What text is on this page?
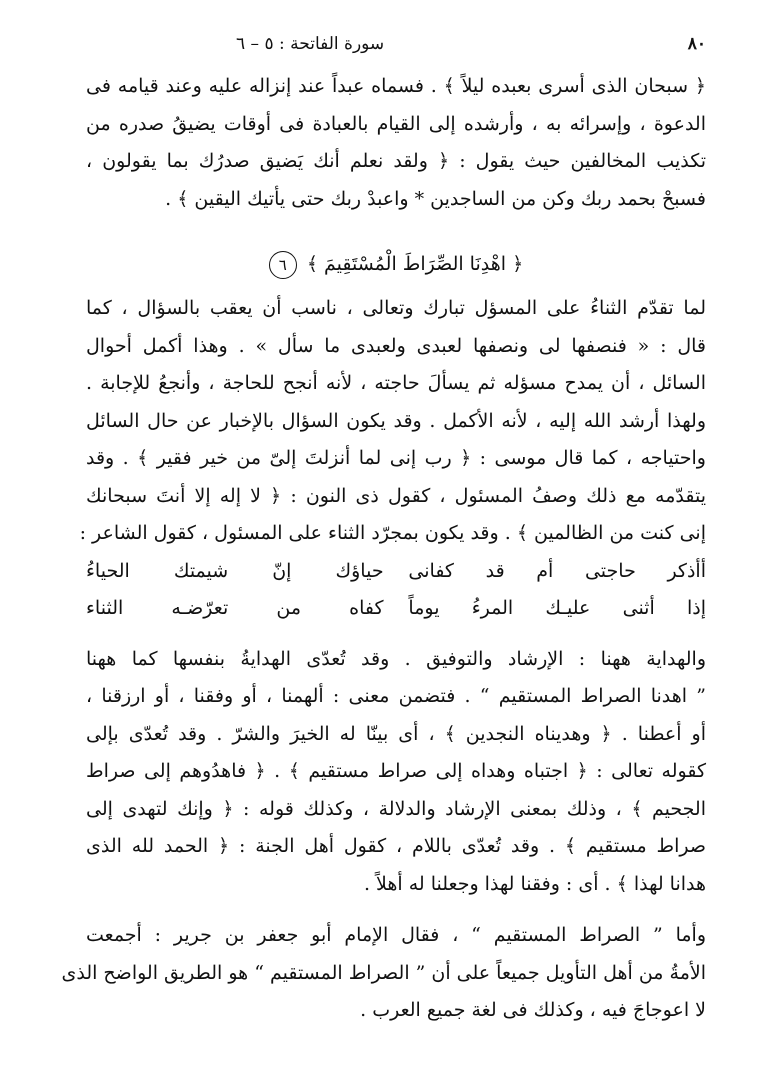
٨٠
سورة الفاتحة : ٥ – ٦
﴿ سبحان الذى أسرى بعبده ليلاً ﴾ . فسماه عبداً عند إنزاله عليه وعند قيامه فى
الدعوة ، وإسرائه به ، وأرشده إلى القيام بالعبادة فى أوقات يضيقُ صدره من
تكذيب المخالفين حيث يقول : ﴿ ولقد نعلم أنك يَضيق صدرُك بما يقولون ،
فسبحْ بحمد ربك وكن من الساجدين * واعبدْ ربك حتى يأتيك اليقين ﴾ .
﴿ اهْدِنَا الصِّرَاطَ الْمُسْتَقِيمَ ﴾ ٦
لما تقدّم الثناءُ على المسؤل تبارك وتعالى ، ناسب أن يعقب بالسؤال ، كما
قال : « فنصفها لى ونصفها لعبدى ولعبدى ما سأل » . وهذا أكمل أحوال
السائل ، أن يمدح مسؤله ثم يسألَ حاجته ، لأنه أنجح للحاجة ، وأنجعُ للإجابة .
ولهذا أرشد الله إليه ، لأنه الأكمل . وقد يكون السؤال بالإخبار عن حال السائل
واحتياجه ، كما قال موسى : ﴿ رب إنى لما أنزلتَ إلىّ من خير فقير ﴾ . وقد
يتقدّمه مع ذلك وصفُ المسئول ، كقول ذى النون : ﴿ لا إله إلا أنتَ سبحانك
إنى كنت من الظالمين ﴾ . وقد يكون بمجرّد الثناء على المسئول ، كقول الشاعر :
أأذكر حاجتى أم قد كفانى
حياؤك إنّ شيمتك الحياءُ
إذا أثنى عليـك المرءُ يوماً
كفاه من تعرّضـه الثناء
والهداية ههنا : الإرشاد والتوفيق . وقد تُعدّى الهدايةُ بنفسها كما ههنا
” اهدنا الصراط المستقيم “ . فتضمن معنى : ألهمنا ، أو وفقنا ، أو ارزقنا ،
أو أعطنا . ﴿ وهديناه النجدين ﴾ ، أى بينّا له الخيرَ والشرّ . وقد تُعدّى بإلى
كقوله تعالى : ﴿ اجتباه وهداه إلى صراط مستقيم ﴾ . ﴿ فاهدُوهم إلى صراط
الجحيم ﴾ ، وذلك بمعنى الإرشاد والدلالة ، وكذلك قوله : ﴿ وإنك لتهدى إلى
صراط مستقيم ﴾ . وقد تُعدّى باللام ، كقول أهل الجنة : ﴿ الحمد لله الذى
هدانا لهذا ﴾ . أى : وفقنا لهذا وجعلنا له أهلاً .
وأما ” الصراط المستقيم “ ، فقال الإمام أبو جعفر بن جرير : أجمعت
الأمةُ من أهل التأويل جميعاً على أن ” الصراط المستقيم “ هو الطريق الواضح الذى
لا اعوجاجَ فيه ، وكذلك فى لغة جميع العرب .
